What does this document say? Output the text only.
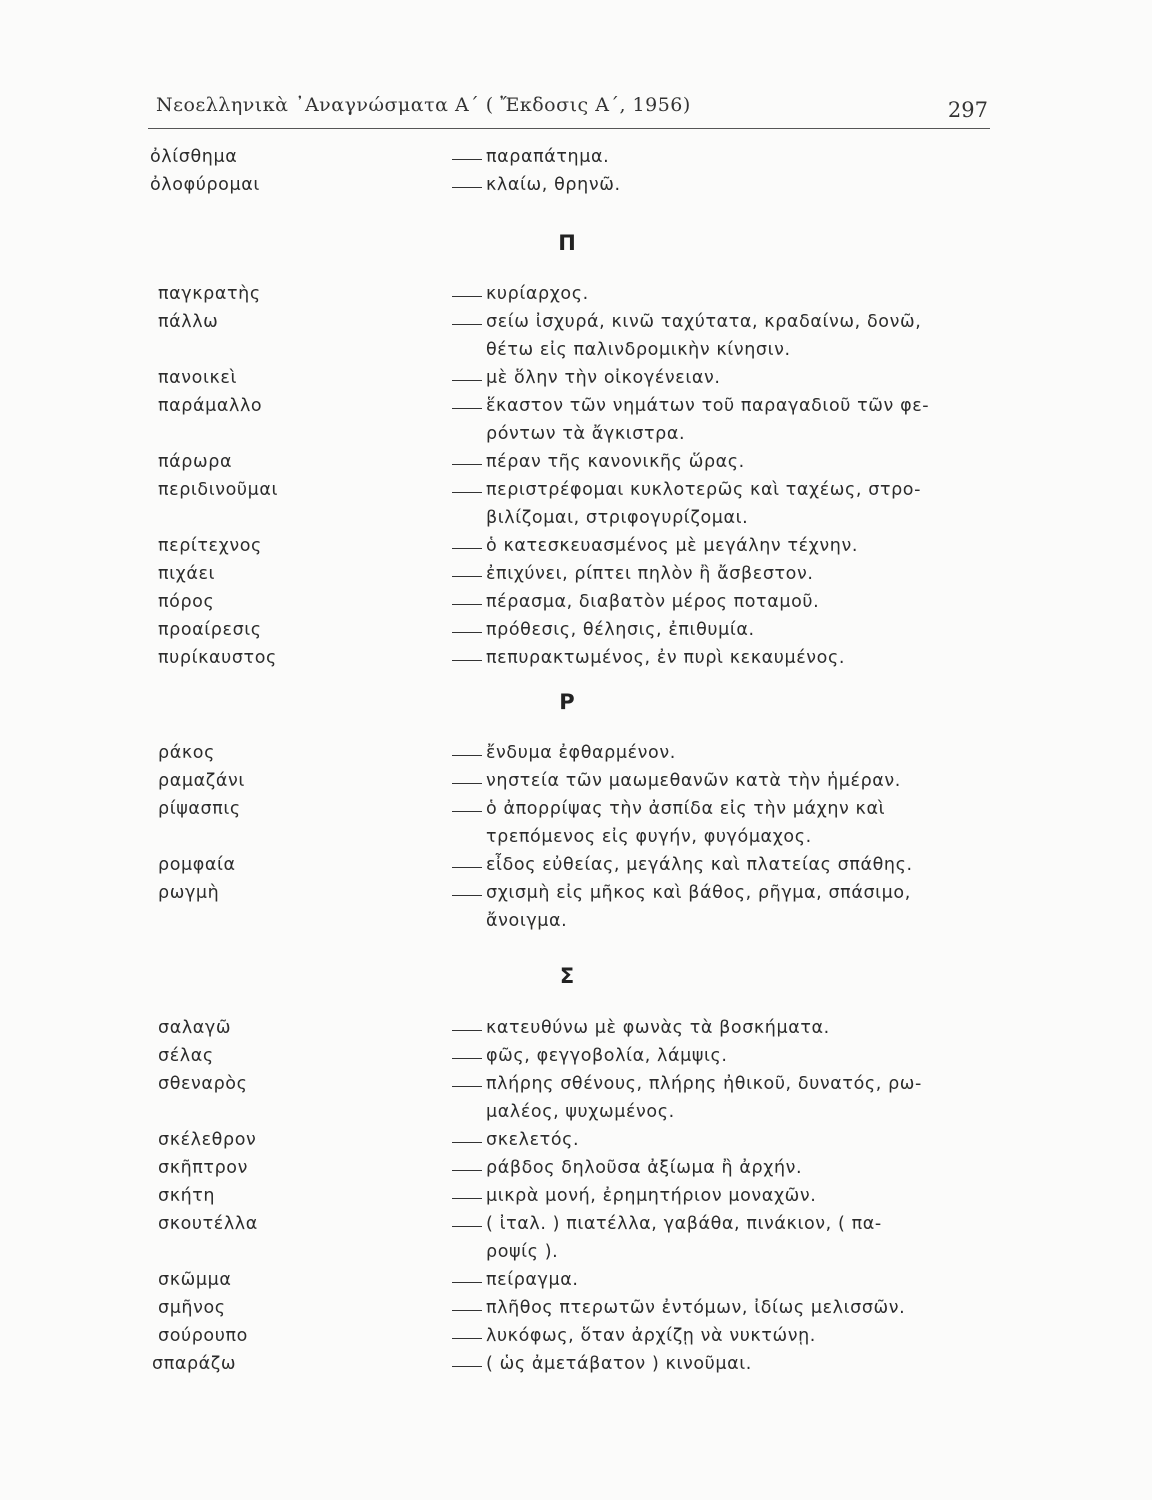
Νεοελληνικὰ ᾿Αναγνώσματα Α΄ ( Ἔκδοσις Α΄, 1956)	297
ὀλίσθημα	παραπάτημα.
ὀλοφύρομαι	κλαίω, θρηνῶ.
Π
παγκρατὴς	κυρίαρχος.
πάλλω	σείω ἰσχυρά, κινῶ ταχύτατα, κραδαίνω, δονῶ,
θέτω εἰς παλινδρομικὴν κίνησιν.
πανοικεὶ	μὲ ὅλην τὴν οἰκογένειαν.
παράμαλλο	ἕκαστον τῶν νημάτων τοῦ παραγαδιοῦ τῶν φε-
ρόντων τὰ ἄγκιστρα.
πάρωρα	πέραν τῆς κανονικῆς ὥρας.
περιδινοῦμαι	περιστρέφομαι κυκλοτερῶς καὶ ταχέως, στρο-
βιλίζομαι, στριφογυρίζομαι.
περίτεχνος	ὁ κατεσκευασμένος μὲ μεγάλην τέχνην.
πιχάει	ἐπιχύνει, ρίπτει πηλὸν ἢ ἄσβεστον.
πόρος	πέρασμα, διαβατὸν μέρος ποταμοῦ.
προαίρεσις	πρόθεσις, θέλησις, ἐπιθυμία.
πυρίκαυστος	πεπυρακτωμένος, ἐν πυρὶ κεκαυμένος.
Ρ
ράκος	ἔνδυμα ἐφθαρμένον.
ραμαζάνι	νηστεία τῶν μαωμεθανῶν κατὰ τὴν ἡμέραν.
ρίψασπις	ὁ ἀπορρίψας τὴν ἀσπίδα εἰς τὴν μάχην καὶ
τρεπόμενος εἰς φυγήν, φυγόμαχος.
ρομφαία	εἶδος εὐθείας, μεγάλης καὶ πλατείας σπάθης.
ρωγμὴ	σχισμὴ εἰς μῆκος καὶ βάθος, ρῆγμα, σπάσιμο,
ἄνοιγμα.
Σ
σαλαγῶ	κατευθύνω μὲ φωνὰς τὰ βοσκήματα.
σέλας	φῶς, φεγγοβολία, λάμψις.
σθεναρὸς	πλήρης σθένους, πλήρης ἠθικοῦ, δυνατός, ρω-
μαλέος, ψυχωμένος.
σκέλεθρον	σκελετός.
σκῆπτρον	ράβδος δηλοῦσα ἀξίωμα ἢ ἀρχήν.
σκήτη	μικρὰ μονή, ἐρημητήριον μοναχῶν.
σκουτέλλα	( ἰταλ. ) πιατέλλα, γαβάθα, πινάκιον, ( πα-
ροψίς ).
σκῶμμα	πείραγμα.
σμῆνος	πλῆθος πτερωτῶν ἐντόμων, ἰδίως μελισσῶν.
σούρουπο	λυκόφως, ὅταν ἀρχίζῃ νὰ νυκτώνῃ.
σπαράζω	( ὡς ἀμετάβατον ) κινοῦμαι.
